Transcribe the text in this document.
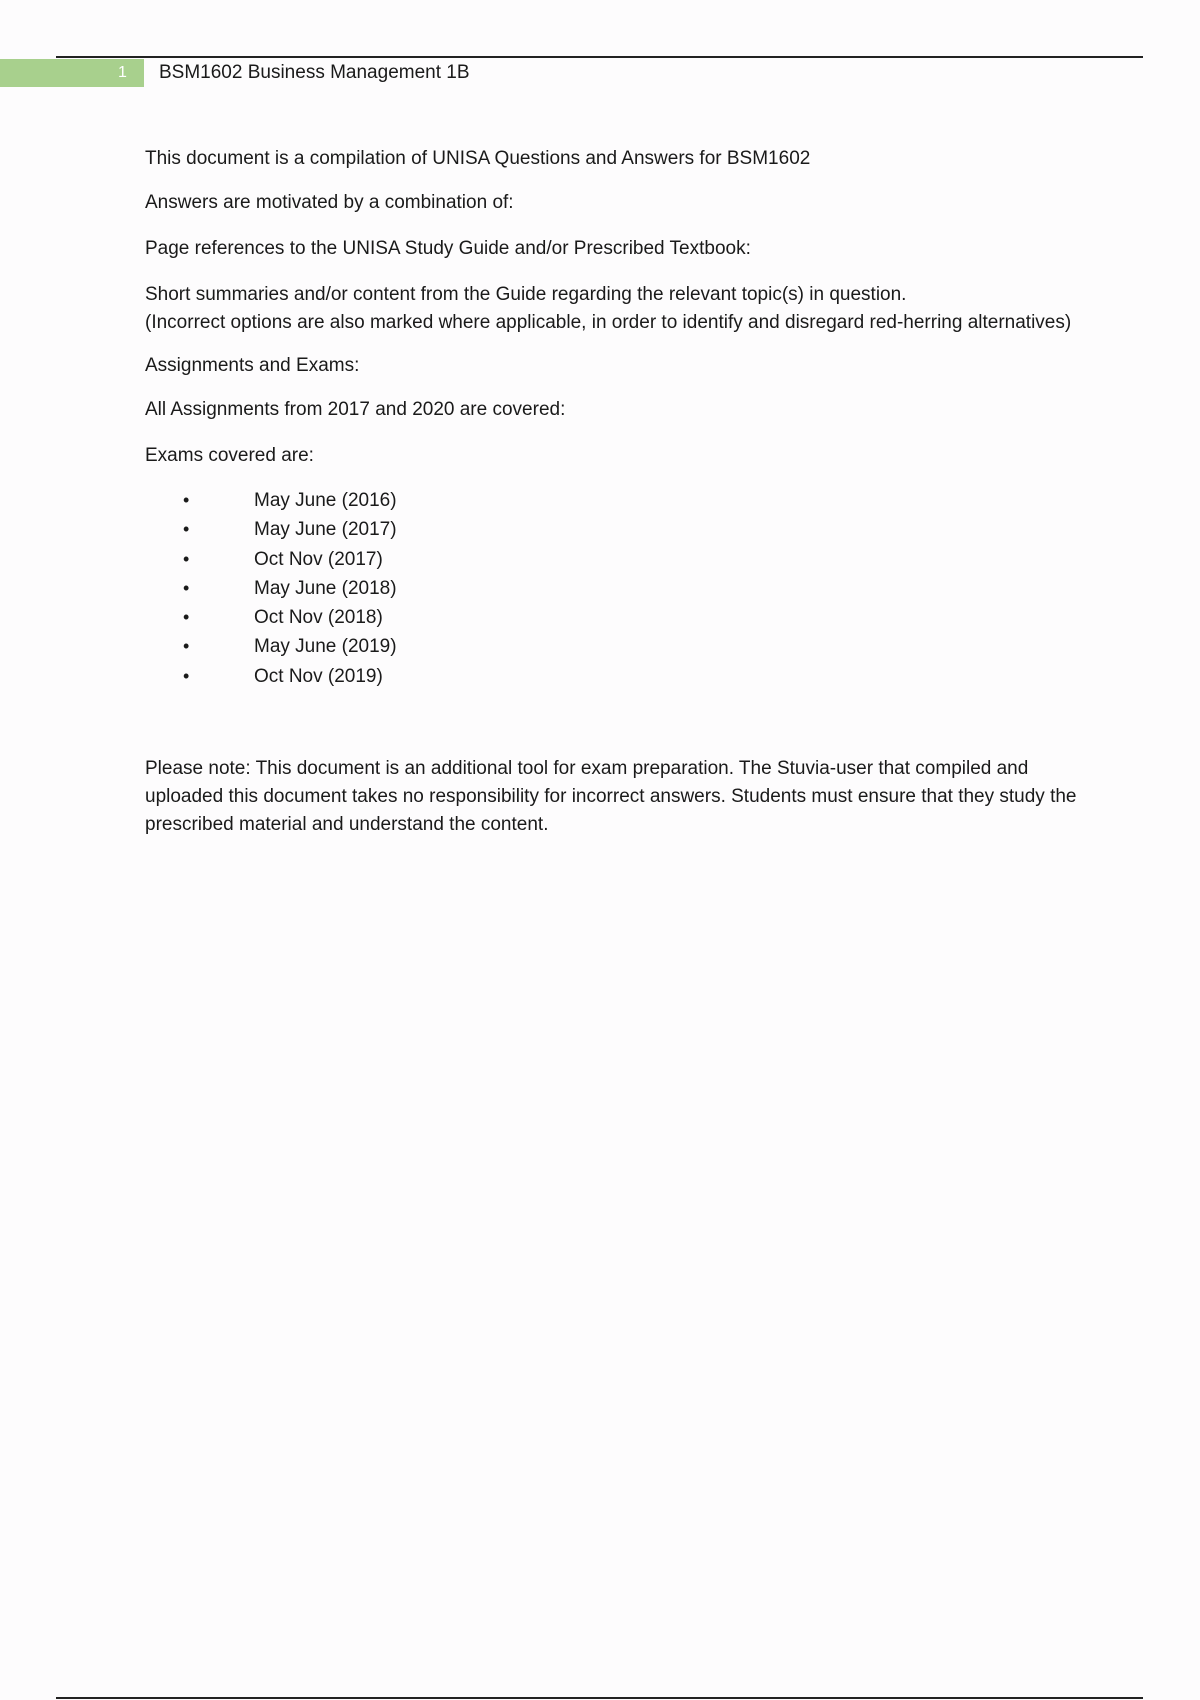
1 BSM1602 Business Management 1B

This document is a compilation of UNISA Questions and Answers for BSM1602

Answers are motivated by a combination of:

Page references to the UNISA Study Guide and/or Prescribed Textbook:

Short summaries and/or content from the Guide regarding the relevant topic(s) in question.
(Incorrect options are also marked where applicable, in order to identify and disregard red-herring alternatives)

Assignments and Exams:

All Assignments from 2017 and 2020 are covered:

Exams covered are:

•	May June (2016)
•	May June (2017)
•	Oct Nov (2017)
•	May June (2018)
•	Oct Nov (2018)
•	May June (2019)
•	Oct Nov (2019)

Please note: This document is an additional tool for exam preparation. The Stuvia-user that compiled and uploaded this document takes no responsibility for incorrect answers. Students must ensure that they study the prescribed material and understand the content.
